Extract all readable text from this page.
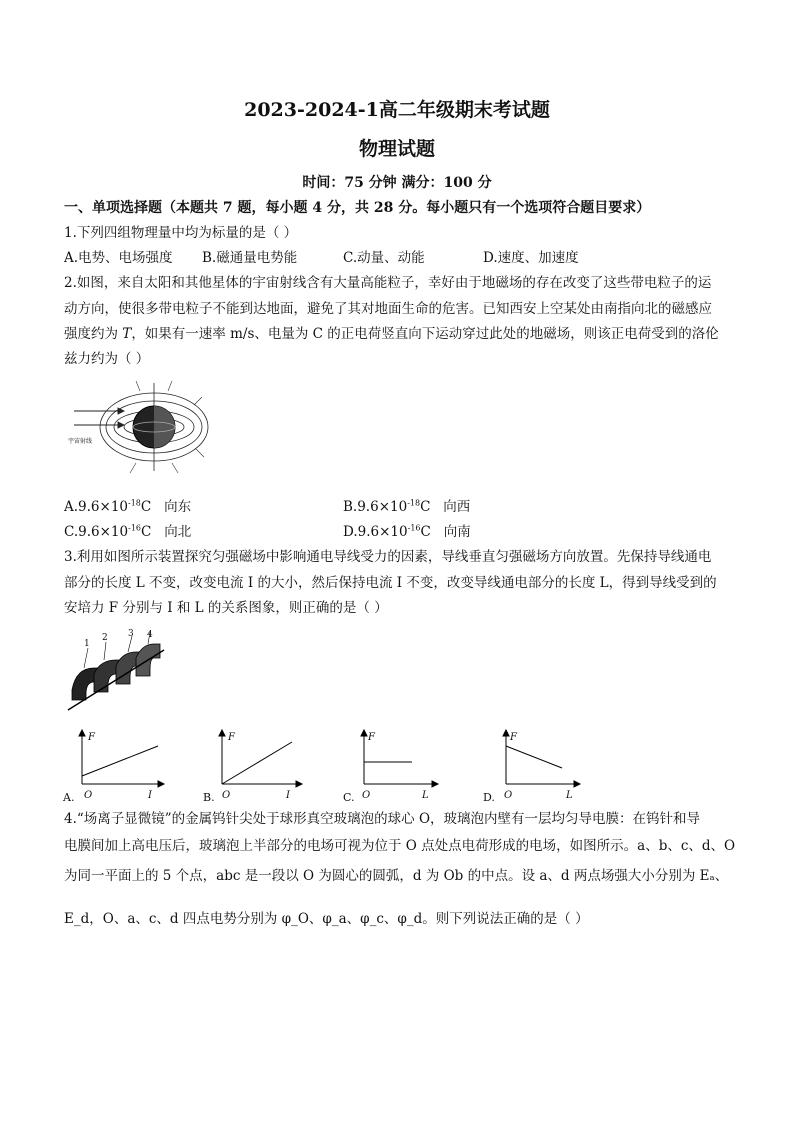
2023-2024-1高二年级期末考试题
物理试题
时间：75 分钟 满分：100 分
一、单项选择题（本题共 7 题，每小题 4 分，共 28 分。每小题只有一个选项符合题目要求）
1.下列四组物理量中均为标量的是（ ）
A.电势、电场强度 B.磁通量电势能	C.动量、动能	D.速度、加速度
2.如图，来自太阳和其他星体的宇宙射线含有大量高能粒子，幸好由于地磁场的存在改变了这些带电粒子的运
动方向，使很多带电粒子不能到达地面，避免了其对地面生命的危害。已知西安上空某处由南指向北的磁感应
强度约为 T，如果有一速率 m/s、电量为 C 的正电荷竖直向下运动穿过此处的地磁场，则该正电荷受到的洛伦
兹力约为（ ）
宇宙射线
$A.9.6\times 10^{-18}C$ 向东	$B.9.6\times 10^{-18}C$ 向西
$C.9.6\times 10^{-16}C$ 向北	$D.9.6\times 10^{-16}C$ 向南
3.利用如图所示装置探究匀强磁场中影响通电导线受力的因素，导线垂直匀强磁场方向放置。先保持导线通电
部分的长度 L 不变，改变电流 I 的大小，然后保持电流 I 不变，改变导线通电部分的长度 L，得到导线受到的
安培力 F 分别与 I 和 L 的关系图象，则正确的是（ ）
1
2 3 4
F
I
O
A.
F
I
O
B.
F
L
O
C.
F
L
O
D.
4.“场离子显微镜”的金属钨针尖处于球形真空玻璃泡的球心 O，玻璃泡内壁有一层均匀导电膜：在钨针和导
电膜间加上高电压后，玻璃泡上半部分的电场可视为位于 O 点处点电荷形成的电场，如图所示。a、b、c、d、O
为同一平面上的 5 个点，abc 是一段以 O 为圆心的圆弧，d 为 Ob 的中点。设 a、d 两点场强大小分别为 Eₐ、
E_d，O、a、c、d 四点电势分别为 φ_O、φ_a、φ_c、φ_d。则下列说法正确的是（ ）
